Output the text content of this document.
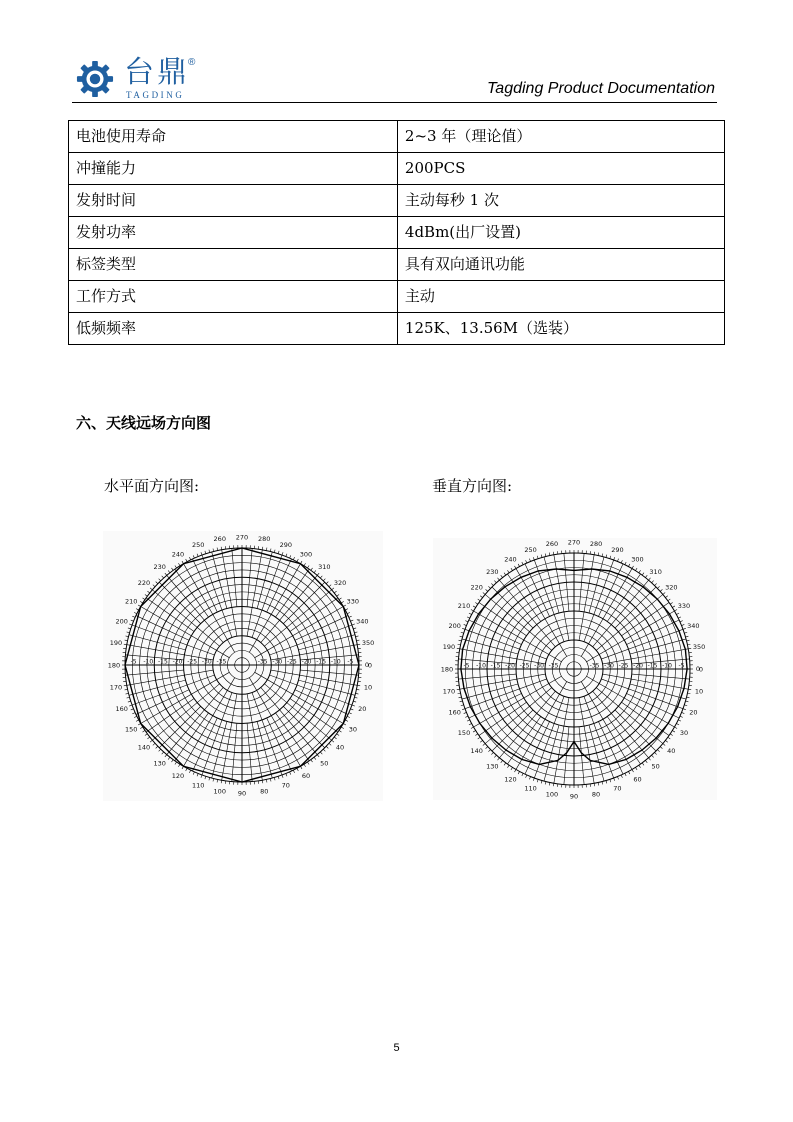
台鼎
®
TAGDING	Tagding Product Documentation
电池使用寿命	2~3 年（理论值）
冲撞能力	200PCS
发射时间	主动每秒 1 次
发射功率	4dBm(出厂设置)
标签类型	具有双向通讯功能
工作方式	主动
低频频率	125K、13.56M（选装）
六、天线远场方向图
水平面方向图:	垂直方向图:
0
10
20
30
40
50
60
70
80
90
100
110
120
130
140
150
160
170
180
190
200
210
220
230
240
250
260 270 280
290
300
310
320
330
340
350
-5
-5	-10
-10	-15
-15	-20
-20	-25
-25	-30
-30	-35
-35	0
0
10
20
30
40
50
60
70
80
90
100
110
120
130
140
150
160
170
180
190
200
210
220
230
240
250
260 270 280
290
300
310
320
330
340
350
-5
-5	-10
-10	-15
-15	-20
-20	-25
-25	-30
-30	-35
-35	0
5
